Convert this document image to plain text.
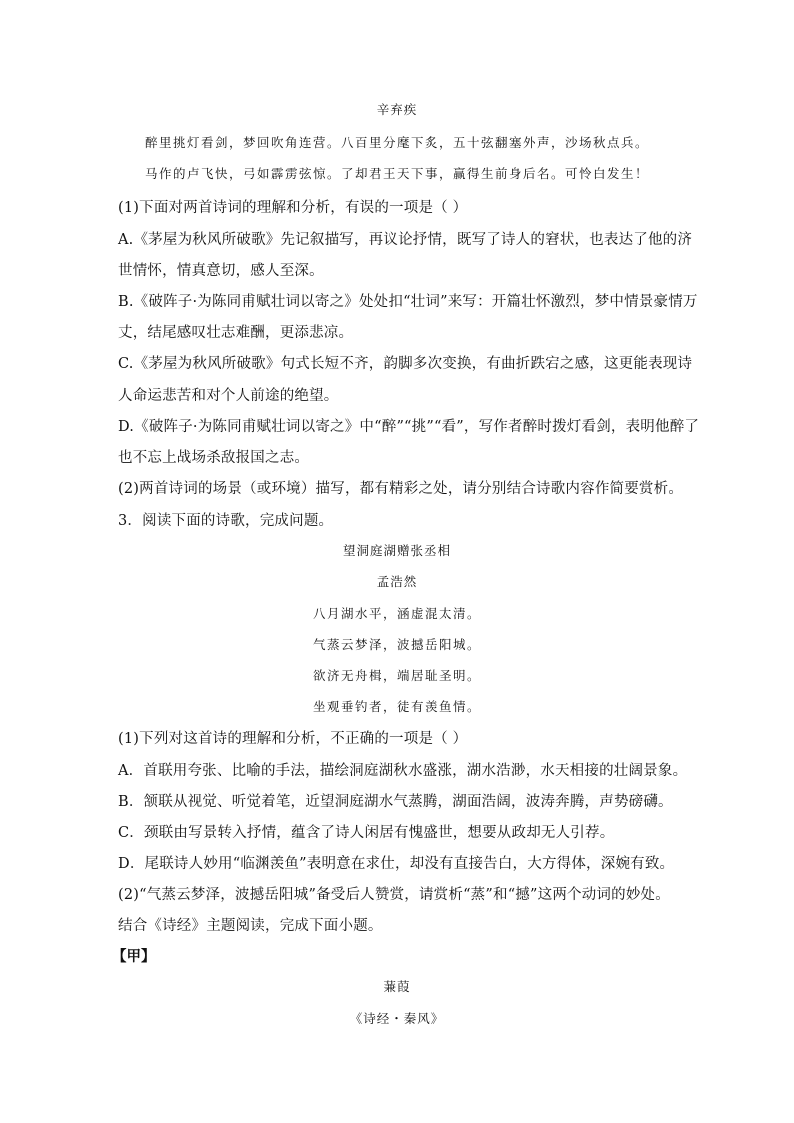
辛弃疾
醉里挑灯看剑，梦回吹角连营。八百里分麾下炙，五十弦翻塞外声，沙场秋点兵。
马作的卢飞快，弓如霹雳弦惊。了却君王天下事，赢得生前身后名。可怜白发生！
(1)下面对两首诗词的理解和分析，有误的一项是（ ）
A.《茅屋为秋风所破歌》先记叙描写，再议论抒情，既写了诗人的窘状，也表达了他的济
世情怀，情真意切，感人至深。
B.《破阵子·为陈同甫赋壮词以寄之》处处扣“壮词”来写：开篇壮怀激烈，梦中情景豪情万
丈，结尾感叹壮志难酬，更添悲凉。
C.《茅屋为秋风所破歌》句式长短不齐，韵脚多次变换，有曲折跌宕之感，这更能表现诗
人命运悲苦和对个人前途的绝望。
D.《破阵子·为陈同甫赋壮词以寄之》中“醉”“挑”“看”，写作者醉时拨灯看剑，表明他醉了
也不忘上战场杀敌报国之志。
(2)两首诗词的场景（或环境）描写，都有精彩之处，请分别结合诗歌内容作简要赏析。
3．阅读下面的诗歌，完成问题。
望洞庭湖赠张丞相
孟浩然
八月湖水平，涵虚混太清。
气蒸云梦泽，波撼岳阳城。
欲济无舟楫，端居耻圣明。
坐观垂钓者，徒有羡鱼情。
(1)下列对这首诗的理解和分析，不正确的一项是（ ）
A．首联用夸张、比喻的手法，描绘洞庭湖秋水盛涨，湖水浩渺，水天相接的壮阔景象。
B．颔联从视觉、听觉着笔，近望洞庭湖水气蒸腾，湖面浩阔，波涛奔腾，声势磅礴。
C．颈联由写景转入抒情，蕴含了诗人闲居有愧盛世，想要从政却无人引荐。
D．尾联诗人妙用“临渊羡鱼”表明意在求仕，却没有直接告白，大方得体，深婉有致。
(2)“气蒸云梦泽，波撼岳阳城”备受后人赞赏，请赏析“蒸”和“撼”这两个动词的妙处。
结合《诗经》主题阅读，完成下面小题。
【甲】
蒹葭
《诗经・秦风》
